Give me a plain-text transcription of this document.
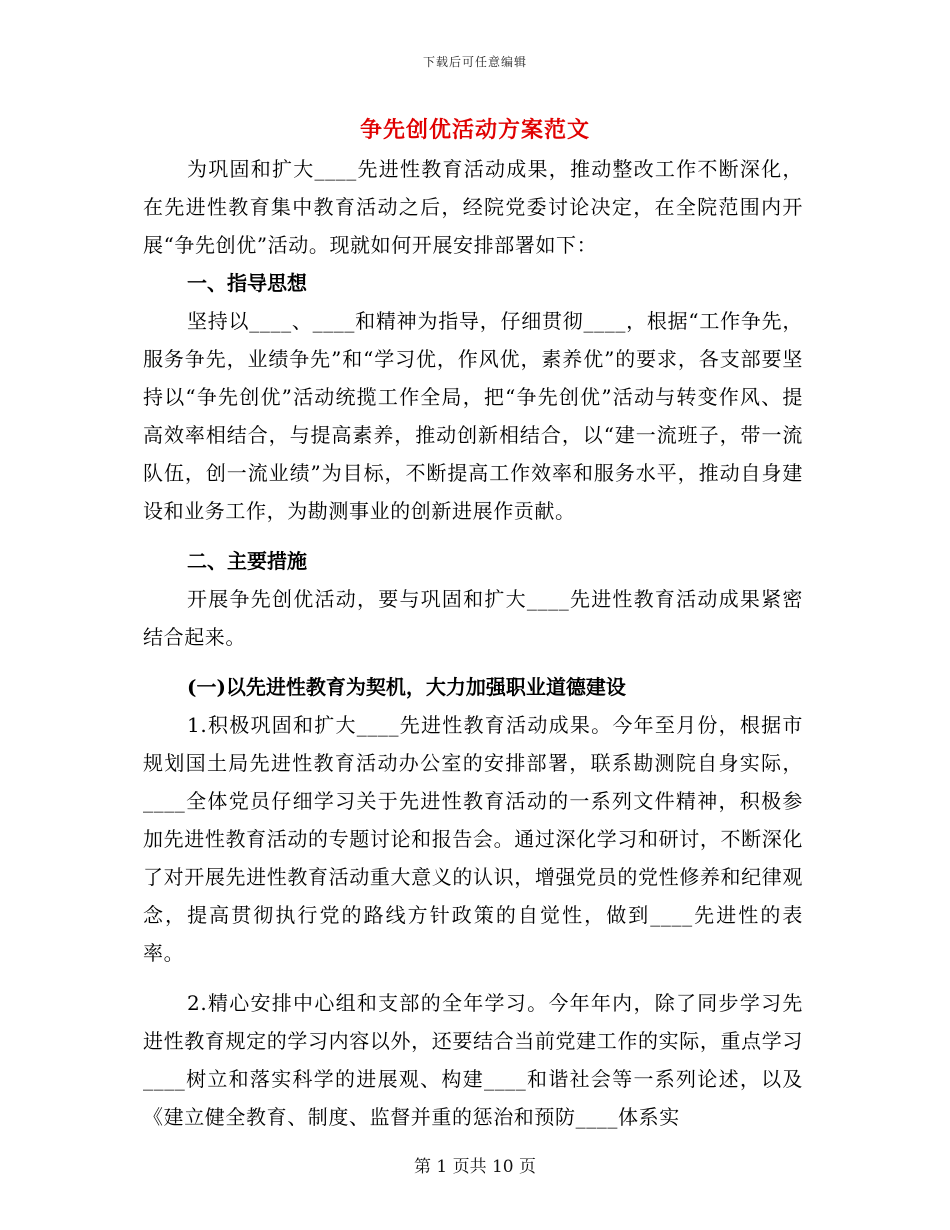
下载后可任意编辑
争先创优活动方案范文

为巩固和扩大____先进性教育活动成果，推动整改工作不断深化，在先进性教育集中教育活动之后，经院党委讨论决定，在全院范围内开展“争先创优”活动。现就如何开展安排部署如下：

一、指导思想

坚持以____、____和精神为指导，仔细贯彻____，根据“工作争先，服务争先，业绩争先”和“学习优，作风优，素养优”的要求，各支部要坚持以“争先创优”活动统揽工作全局，把“争先创优”活动与转变作风、提高效率相结合，与提高素养，推动创新相结合，以“建一流班子，带一流队伍，创一流业绩”为目标，不断提高工作效率和服务水平，推动自身建设和业务工作，为勘测事业的创新进展作贡献。

二、主要措施

开展争先创优活动，要与巩固和扩大____先进性教育活动成果紧密结合起来。

(一)以先进性教育为契机，大力加强职业道德建设

1.积极巩固和扩大____先进性教育活动成果。今年至月份，根据市规划国土局先进性教育活动办公室的安排部署，联系勘测院自身实际，____全体党员仔细学习关于先进性教育活动的一系列文件精神，积极参加先进性教育活动的专题讨论和报告会。通过深化学习和研讨，不断深化了对开展先进性教育活动重大意义的认识，增强党员的党性修养和纪律观念，提高贯彻执行党的路线方针政策的自觉性，做到____先进性的表率。

2.精心安排中心组和支部的全年学习。今年年内，除了同步学习先进性教育规定的学习内容以外，还要结合当前党建工作的实际，重点学习____树立和落实科学的进展观、构建____和谐社会等一系列论述，以及《建立健全教育、制度、监督并重的惩治和预防____体系实

第 1 页共 10 页
